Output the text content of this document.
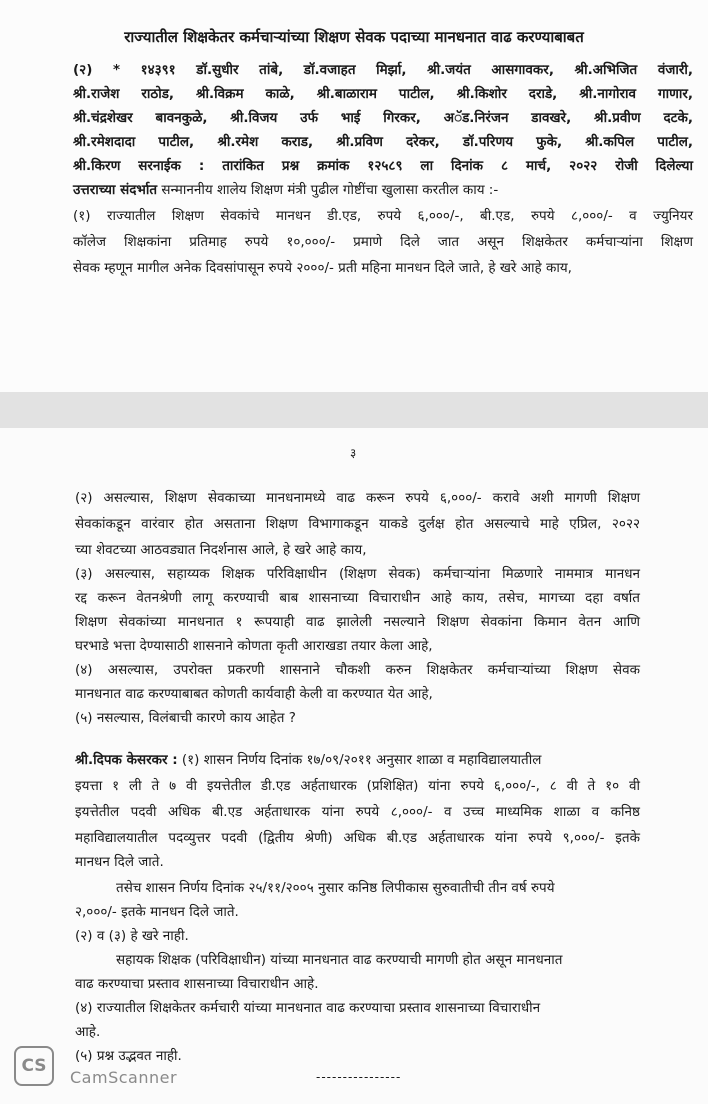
राज्यातील शिक्षकेतर कर्मचाऱ्यांच्या शिक्षण सेवक पदाच्या मानधनात वाढ करण्याबाबत
(२) * १४३९१ डॉ.सुधीर तांबे, डॉ.वजाहत मिर्झा, श्री.जयंत आसगावकर, श्री.अभिजित वंजारी,
श्री.राजेश राठोड, श्री.विक्रम काळे, श्री.बाळाराम पाटील, श्री.किशोर दराडे, श्री.नागोराव गाणार,
श्री.चंद्रशेखर बावनकुळे, श्री.विजय उर्फ भाई गिरकर, अॅड.निरंजन डावखरे, श्री.प्रवीण दटके,
श्री.रमेशदादा पाटील, श्री.रमेश कराड, श्री.प्रविण दरेकर, डॉ.परिणय फुके, श्री.कपिल पाटील,
श्री.किरण सरनाईक : तारांकित प्रश्न क्रमांक १२५८९ ला दिनांक ८ मार्च, २०२२ रोजी दिलेल्या
उत्तराच्या संदर्भात सन्माननीय शालेय शिक्षण मंत्री पुढील गोष्टींचा खुलासा करतील काय :-
(१) राज्यातील शिक्षण सेवकांचे मानधन डी.एड, रुपये ६,०००/-, बी.एड, रुपये ८,०००/- व ज्युनियर
कॉलेज शिक्षकांना प्रतिमाह रुपये १०,०००/- प्रमाणे दिले जात असून शिक्षकेतर कर्मचाऱ्यांना शिक्षण
सेवक म्हणून मागील अनेक दिवसांपासून रुपये २०००/- प्रती महिना मानधन दिले जाते, हे खरे आहे काय,
३
(२) असल्यास, शिक्षण सेवकाच्या मानधनामध्ये वाढ करून रुपये ६,०००/- करावे अशी मागणी शिक्षण
सेवकांकडून वारंवार होत असताना शिक्षण विभागाकडून याकडे दुर्लक्ष होत असल्याचे माहे एप्रिल, २०२२
च्या शेवटच्या आठवड्यात निदर्शनास आले, हे खरे आहे काय,
(३) असल्यास, सहाय्यक शिक्षक परिविक्षाधीन (शिक्षण सेवक) कर्मचाऱ्यांना मिळणारे नाममात्र मानधन
रद्द करून वेतनश्रेणी लागू करण्याची बाब शासनाच्या विचाराधीन आहे काय, तसेच, मागच्या दहा वर्षात
शिक्षण सेवकांच्या मानधनात १ रूपयाही वाढ झालेली नसल्याने शिक्षण सेवकांना किमान वेतन आणि
घरभाडे भत्ता देण्यासाठी शासनाने कोणता कृती आराखडा तयार केला आहे,
(४) असल्यास, उपरोक्त प्रकरणी शासनाने चौकशी करुन शिक्षकेतर कर्मचाऱ्यांच्या शिक्षण सेवक
मानधनात वाढ करण्याबाबत कोणती कार्यवाही केली वा करण्यात येत आहे,
(५) नसल्यास, विलंबाची कारणे काय आहेत ?
श्री.दिपक केसरकर : (१) शासन निर्णय दिनांक १७/०९/२०११ अनुसार शाळा व महाविद्यालयातील
इयत्ता १ ली ते ७ वी इयत्तेतील डी.एड अर्हताधारक (प्रशिक्षित) यांना रुपये ६,०००/-, ८ वी ते १० वी
इयत्तेतील पदवी अधिक बी.एड अर्हताधारक यांना रुपये ८,०००/- व उच्च माध्यमिक शाळा व कनिष्ठ
महाविद्यालयातील पदव्युत्तर पदवी (द्वितीय श्रेणी) अधिक बी.एड अर्हताधारक यांना रुपये ९,०००/- इतके
मानधन दिले जाते.
तसेच शासन निर्णय दिनांक २५/११/२००५ नुसार कनिष्ठ लिपीकास सुरुवातीची तीन वर्ष रुपये
२,०००/- इतके मानधन दिले जाते.
(२) व (३) हे खरे नाही.
सहायक शिक्षक (परिविक्षाधीन) यांच्या मानधनात वाढ करण्याची मागणी होत असून मानधनात
वाढ करण्याचा प्रस्ताव शासनाच्या विचाराधीन आहे.
(४) राज्यातील शिक्षकेतर कर्मचारी यांच्या मानधनात वाढ करण्याचा प्रस्ताव शासनाच्या विचाराधीन
आहे.
(५) प्रश्न उद्भवत नाही.
----------------
CS
CamScanner
